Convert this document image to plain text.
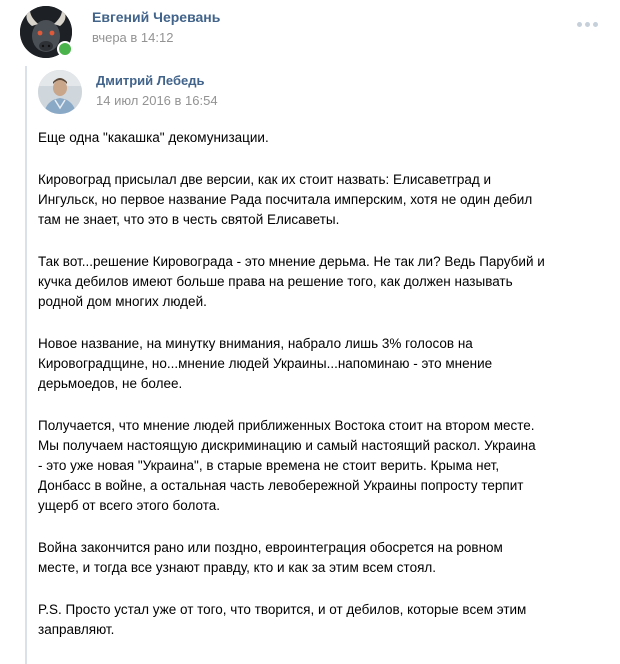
Евгений Черевань
вчера в 14:12
Дмитрий Лебедь
14 июл 2016 в 16:54

Еще одна "какашка" декомунизации.

Кировоград присылал две версии, как их стоит назвать: Елисаветград и
Ингульск, но первое название Рада посчитала имперским, хотя не один дебил
там не знает, что это в честь святой Елисаветы.

Так вот...решение Кировограда - это мнение дерьма. Не так ли? Ведь Парубий и
кучка дебилов имеют больше права на решение того, как должен называть
родной дом многих людей.

Новое название, на минутку внимания, набрало лишь 3% голосов на
Кировоградщине, но...мнение людей Украины...напоминаю - это мнение
дерьмоедов, не более.

Получается, что мнение людей приближенных Востока стоит на втором месте.
Мы получаем настоящую дискриминацию и самый настоящий раскол. Украина
- это уже новая "Украина", в старые времена не стоит верить. Крыма нет,
Донбасс в войне, а остальная часть левобережной Украины попросту терпит
ущерб от всего этого болота.

Война закончится рано или поздно, евроинтеграция обосрется на ровном
месте, и тогда все узнают правду, кто и как за этим всем стоял.

P.S. Просто устал уже от того, что творится, и от дебилов, которые всем этим
заправляют.
